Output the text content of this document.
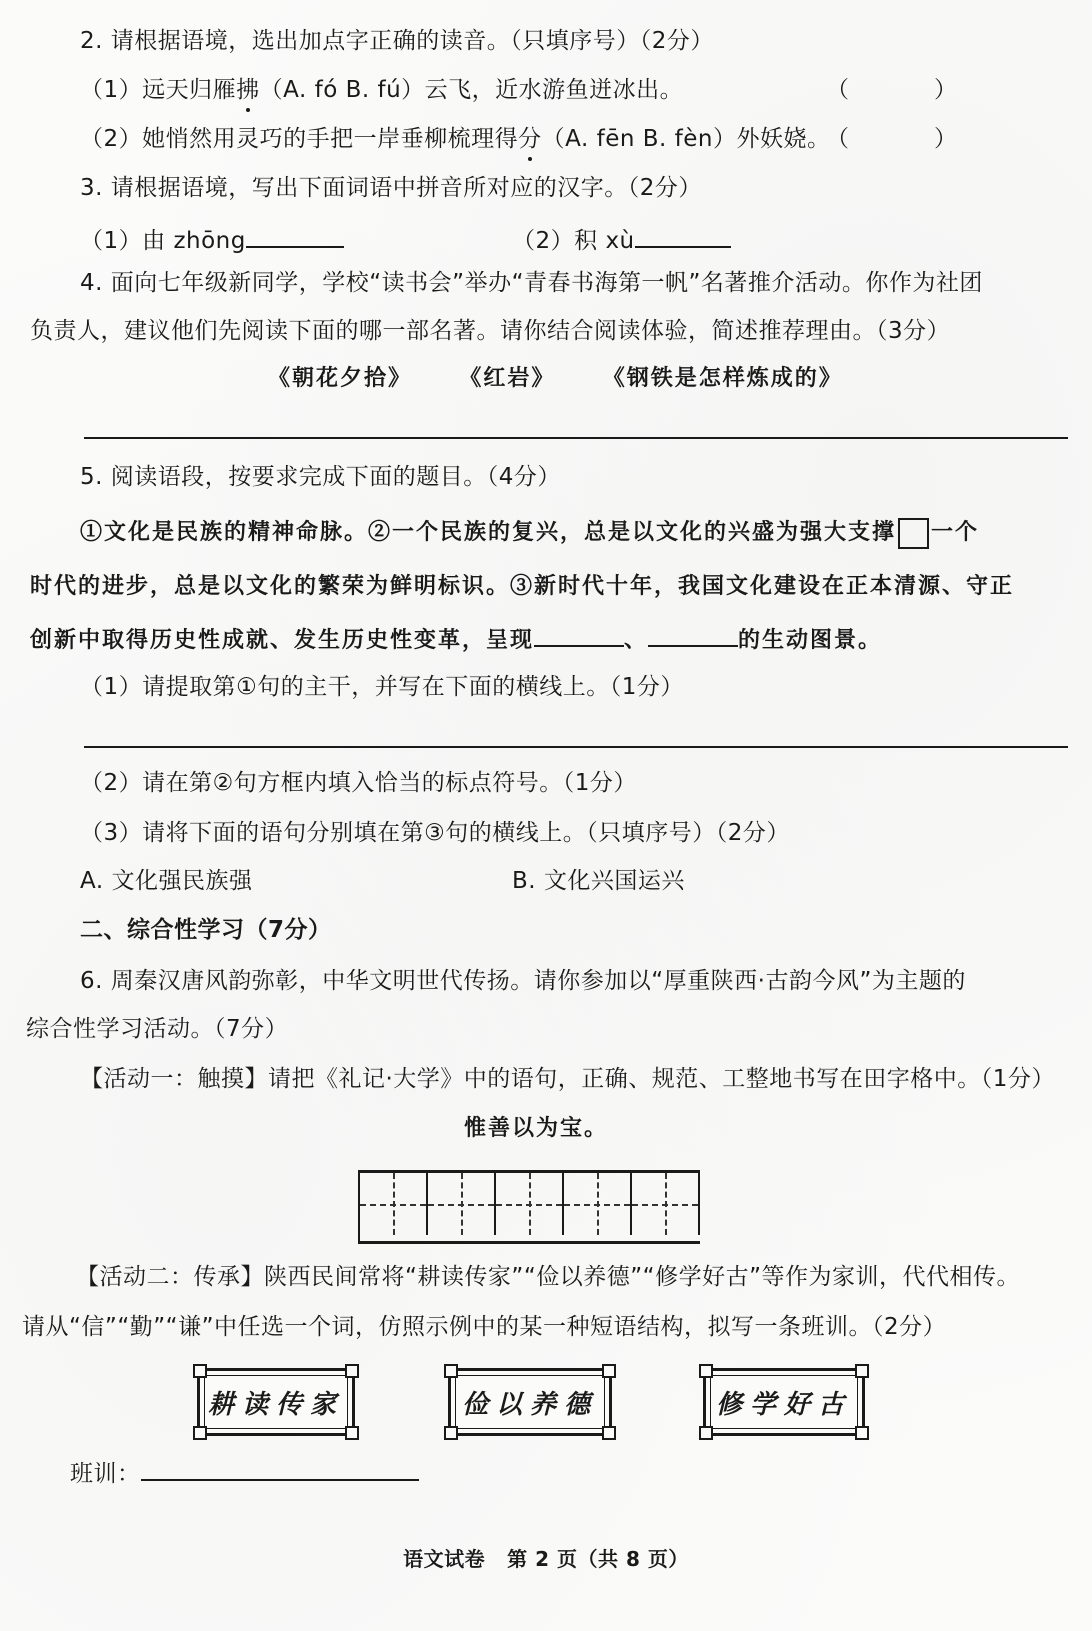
2. 请根据语境，选出加点字正确的读音。（只填序号）（2分）
（1）远天归雁拂（A. fó B. fú）云飞，近水游鱼迸冰出。	（	）
（2）她悄然用灵巧的手把一岸垂柳梳理得分（A. fēn B. fèn）外妖娆。
（	）
3. 请根据语境，写出下面词语中拼音所对应的汉字。（2分）
（1）由 zhōng	（2）积 xù
4. 面向七年级新同学，学校“读书会”举办“青春书海第一帆”名著推介活动。你作为社团
负责人，建议他们先阅读下面的哪一部名著。请你结合阅读体验，简述推荐理由。（3分）
《朝花夕拾》 《红岩》 《钢铁是怎样炼成的》
5. 阅读语段，按要求完成下面的题目。（4分）
①文化是民族的精神命脉。②一个民族的复兴，总是以文化的兴盛为强大支撑 一个
时代的进步，总是以文化的繁荣为鲜明标识。③新时代十年，我国文化建设在正本清源、守正
创新中取得历史性成就、发生历史性变革，呈现	、	的生动图景。
（1）请提取第①句的主干，并写在下面的横线上。（1分）
（2）请在第②句方框内填入恰当的标点符号。（1分）
（3）请将下面的语句分别填在第③句的横线上。（只填序号）（2分）
A. 文化强民族强	B. 文化兴国运兴
二、综合性学习（7分）
6. 周秦汉唐风韵弥彰，中华文明世代传扬。请你参加以“厚重陕西·古韵今风”为主题的
综合性学习活动。（7分）
【活动一：触摸】请把《礼记·大学》中的语句，正确、规范、工整地书写在田字格中。（1分）
惟善以为宝。
【活动二：传承】陕西民间常将“耕读传家”“俭以养德”“修学好古”等作为家训，代代相传。
请从“信”“勤”“谦”中任选一个词，仿照示例中的某一种短语结构，拟写一条班训。（2分）
耕读传家	俭以养德	修学好古
班训：
语文试卷 第 2 页（共 8 页）
